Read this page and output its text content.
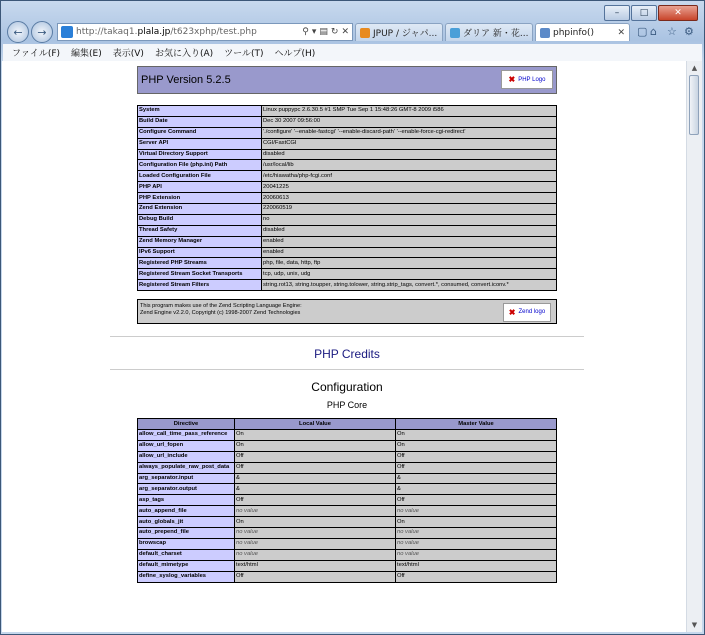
–	□	✕
←	→	http://takaq1. plala.jp /t623xphp/test.php	⚲ ▾ ▤ ↻ ✕	JPUP / ジャパ...	ダリア 新・花...	phpinfo()	✕ ▢ ⌂ ☆ ⚙
ファイル(F) 編集(E) 表示(V) お気に入り(A) ツール(T) ヘルプ(H)
PHP Version 5.2.5	✖ PHP Logo
System	Linux puppypc 2.6.30.5 #1 SMP Tue Sep 1 15:48:26 GMT-8 2009 i586
Build Date	Dec 30 2007 09:56:00
Configure Command	'./configure' '--enable-fastcgi' '--enable-discard-path' '--enable-force-cgi-redirect'
Server API	CGI/FastCGI
Virtual Directory Support	disabled
Configuration File (php.ini) Path	/usr/local/lib
Loaded Configuration File	/etc/hiawatha/php-fcgi.conf
PHP API	20041225
PHP Extension	20060613
Zend Extension	220060519
Debug Build	no
Thread Safety	disabled
Zend Memory Manager	enabled
IPv6 Support	enabled
Registered PHP Streams	php, file, data, http, ftp
Registered Stream Socket Transports	tcp, udp, unix, udg
Registered Stream Filters	string.rot13, string.toupper, string.tolower, string.strip_tags, convert.*, consumed, convert.iconv.*
This program makes use of the Zend Scripting Language Engine:
Zend Engine v2.2.0, Copyright (c) 1998-2007 Zend Technologies	✖ Zend logo
PHP Credits
Configuration
PHP Core
Directive	Local Value	Master Value
allow_call_time_pass_reference	On	On
allow_url_fopen	On	On
allow_url_include	Off	Off
always_populate_raw_post_data	Off	Off
arg_separator.input	&	&
arg_separator.output	&	&
asp_tags	Off	Off
auto_append_file	no value	no value
auto_globals_jit	On	On
auto_prepend_file	no value	no value
browscap	no value	no value
default_charset	no value	no value
default_mimetype	text/html	text/html
define_syslog_variables	Off	Off
▲
▼
